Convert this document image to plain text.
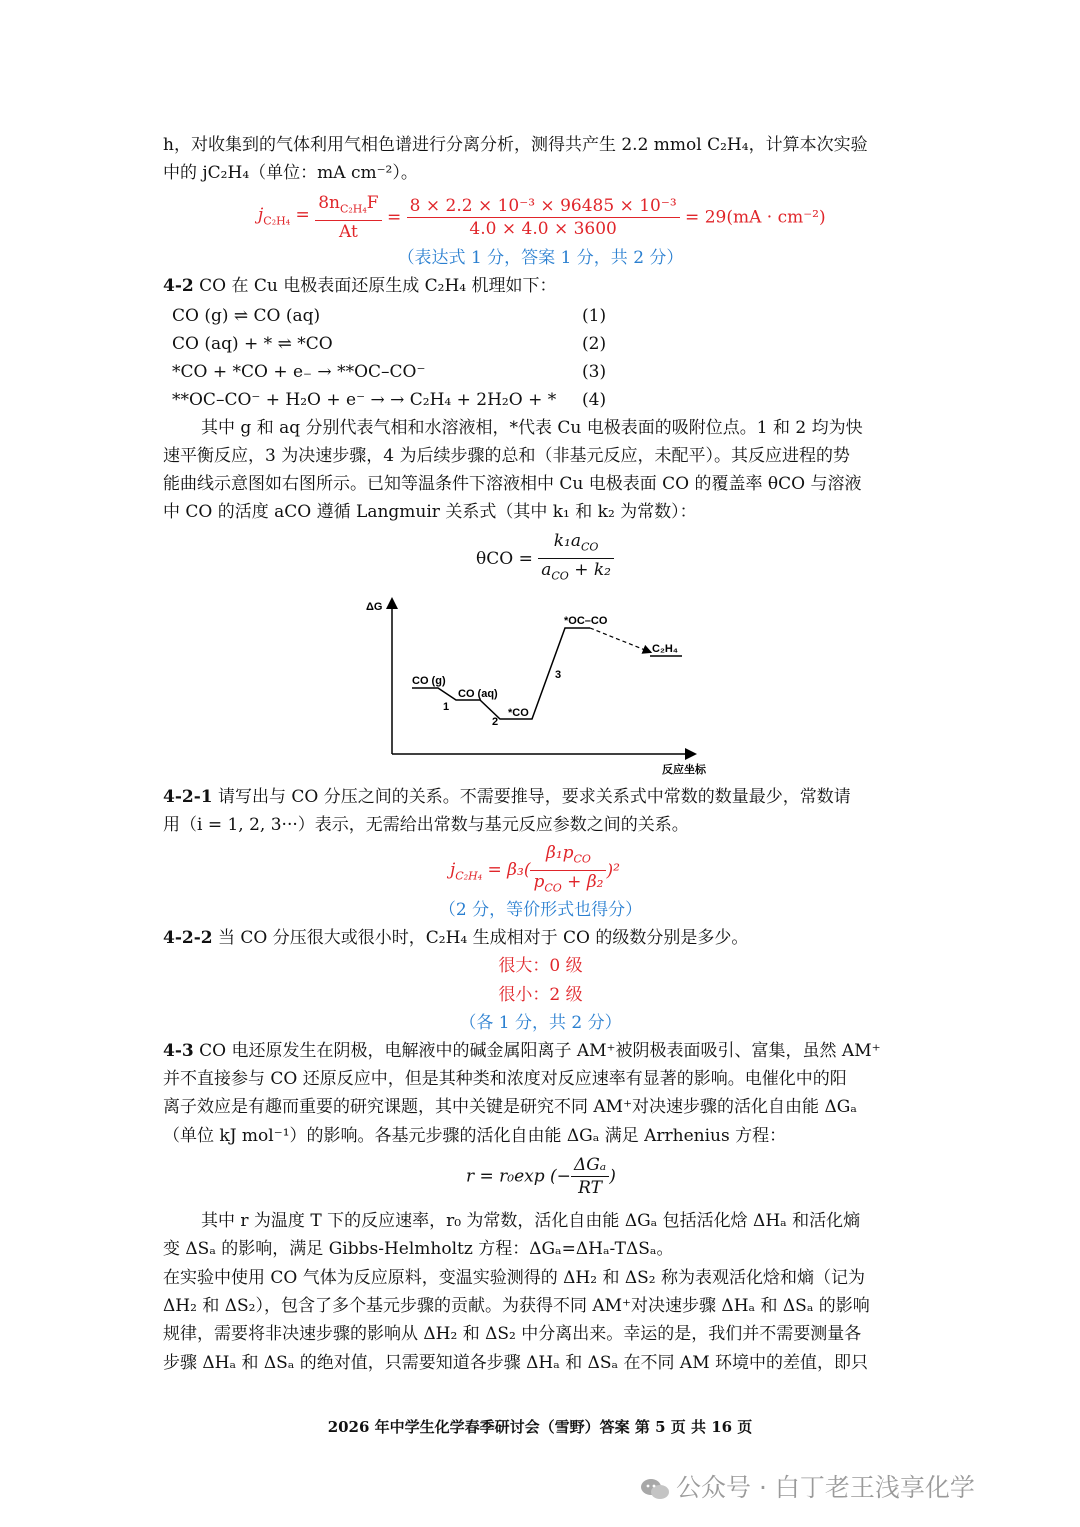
h，对收集到的气体利用气相色谱进行分离分析，测得共产生 2.2 mmol C₂H₄，计算本次实验
中的 jC₂H₄（单位：mA cm⁻²）。
$j_{C_2H_4} = \frac{8n_{C_2H_4}F}{At} = \frac{\text{8 × 2.2 × 10⁻³ × 96485 × 10⁻³}}{4.0 \times 4.0 \times 3600} = 29(mA \cdot cm^{-2})$
（表达式 1 分，答案 1 分，共 2 分）
4-2 CO 在 Cu 电极表面还原生成 C₂H₄ 机理如下：
CO (g) ⇌ CO (aq)	(1)
CO (aq) + * ⇌ *CO	(2)
*CO + *CO + e₋ → **OC–CO⁻	(3)
**OC–CO⁻ + H₂O + e⁻ → → C₂H₄ + 2H₂O + * (4)
其中 g 和 aq 分别代表气相和水溶液相，*代表 Cu 电极表面的吸附位点。1 和 2 均为快
速平衡反应，3 为决速步骤，4 为后续步骤的总和（非基元反应，未配平）。其反应进程的势
能曲线示意图如右图所示。已知等温条件下溶液相中 Cu 电极表面 CO 的覆盖率 θCO 与溶液
中 CO 的活度 aCO 遵循 Langmuir 关系式（其中 k₁ 和 k₂ 为常数）：
$\theta CO = \frac{k_1a_{CO}}{a_{CO} + k_2}$
ΔG
反应坐标
CO (g)
CO (aq)
*CO
*OC–CO
C₂H₄
1
2
3
4-2-1 请写出与 CO 分压之间的关系。不需要推导，要求关系式中常数的数量最少，常数请
用（i = 1, 2, 3···）表示，无需给出常数与基元反应参数之间的关系。
$j_{C_2H_4} = \beta_3( \frac{\beta_1p_{CO}}{p_{CO} + \beta_2} )^2$
（2 分，等价形式也得分）
4-2-2 当 CO 分压很大或很小时，C₂H₄ 生成相对于 CO 的级数分别是多少。
很大：0 级
很小：2 级
（各 1 分，共 2 分）
4-3 CO 电还原发生在阴极，电解液中的碱金属阳离子 AM⁺被阴极表面吸引、富集，虽然 AM⁺
并不直接参与 CO 还原反应中，但是其种类和浓度对反应速率有显著的影响。电催化中的阳
离子效应是有趣而重要的研究课题，其中关键是研究不同 AM⁺对决速步骤的活化自由能 ΔGₐ
（单位 kJ mol⁻¹）的影响。各基元步骤的活化自由能 ΔGₐ 满足 Arrhenius 方程：
r = r₀exp (− $\frac{\text{ΔGₐ}}{RT}$ )
其中 r 为温度 T 下的反应速率，r₀ 为常数，活化自由能 ΔGₐ 包括活化焓 ΔHₐ 和活化熵
变 ΔSₐ 的影响，满足 Gibbs-Helmholtz 方程：ΔGₐ=ΔHₐ-TΔSₐ。
在实验中使用 CO 气体为反应原料，变温实验测得的 ΔH₂ 和 ΔS₂ 称为表观活化焓和熵（记为
ΔH₂ 和 ΔS₂），包含了多个基元步骤的贡献。为获得不同 AM⁺对决速步骤 ΔHₐ 和 ΔSₐ 的影响
规律，需要将非决速步骤的影响从 ΔH₂ 和 ΔS₂ 中分离出来。幸运的是，我们并不需要测量各
步骤 ΔHₐ 和 ΔSₐ 的绝对值，只需要知道各步骤 ΔHₐ 和 ΔSₐ 在不同 AM 环境中的差值，即只
2026 年中学生化学春季研讨会（雪野）答案 第 5 页 共 16 页
公众号 · 白丁老王浅享化学
